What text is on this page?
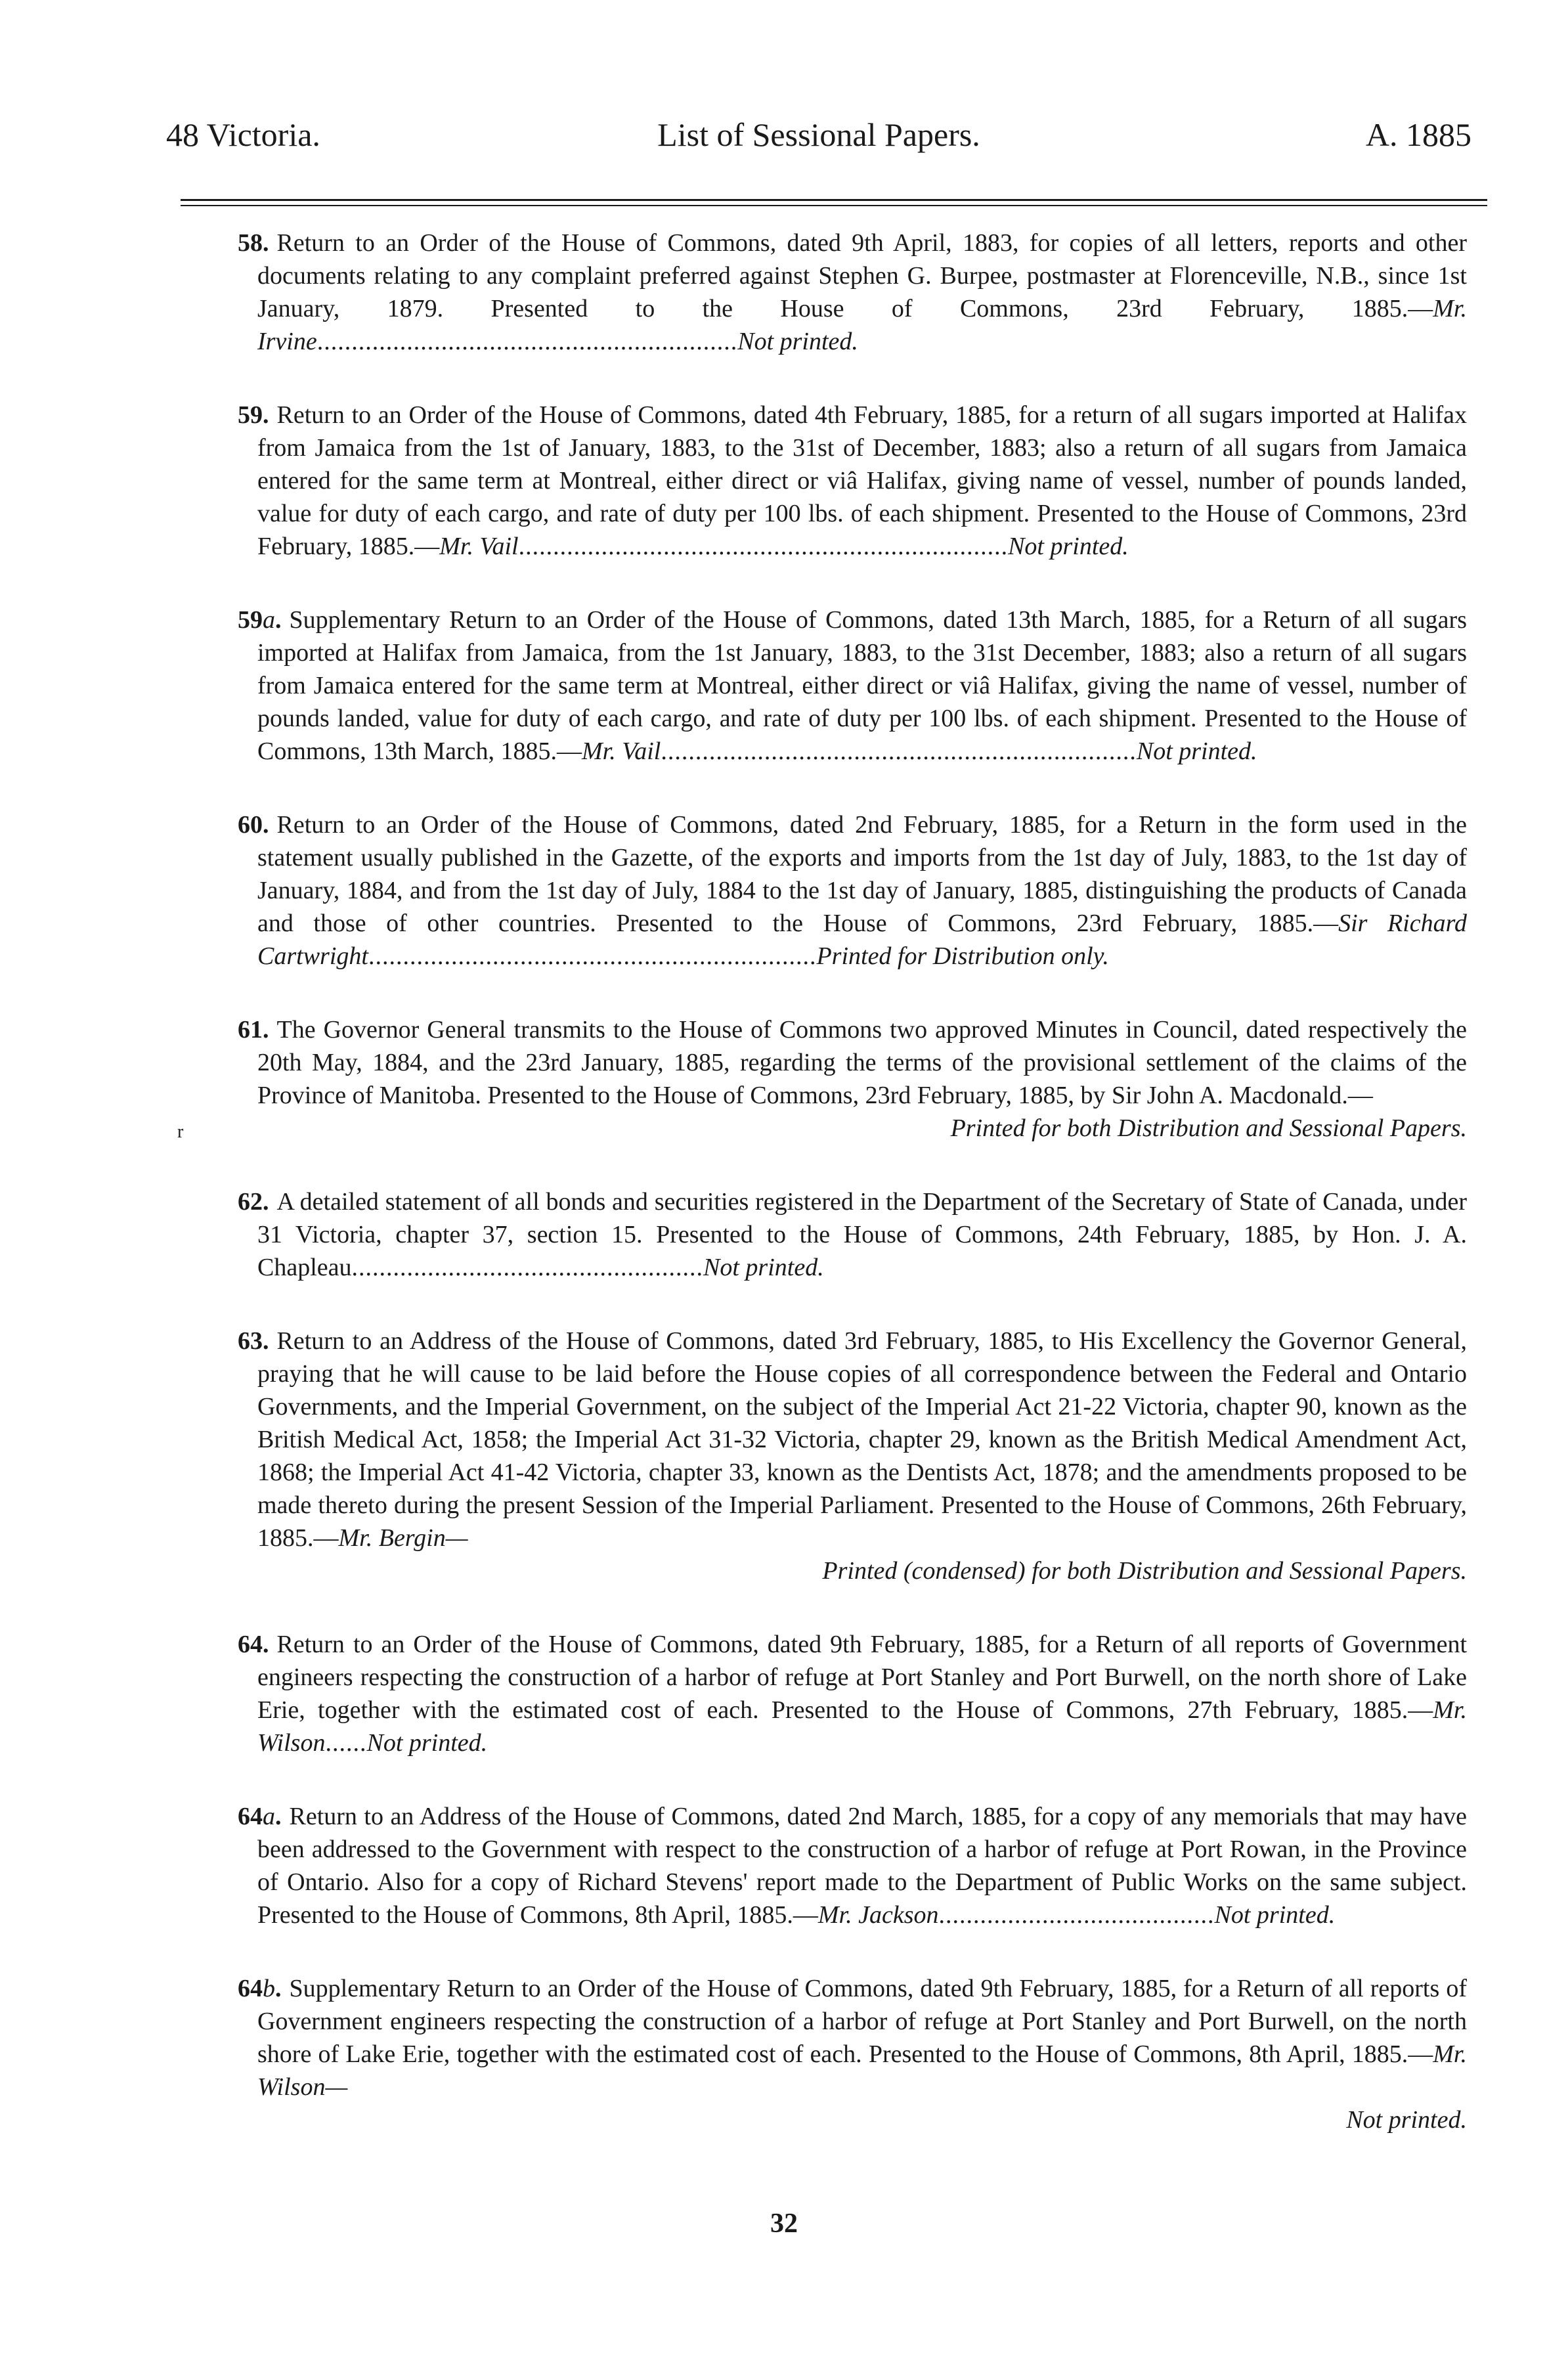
48 Victoria.	List of Sessional Papers.	A. 1885
r
58. Return to an Order of the House of Commons, dated 9th April, 1883, for copies of all letters, reports and other documents relating to any complaint preferred against Stephen G. Burpee, postmaster at Florenceville, N.B., since 1st January, 1879. Presented to the House of Commons, 23rd February, 1885.—Mr. Irvine.............................................................Not printed.
59. Return to an Order of the House of Commons, dated 4th February, 1885, for a return of all sugars imported at Halifax from Jamaica from the 1st of January, 1883, to the 31st of December, 1883; also a return of all sugars from Jamaica entered for the same term at Montreal, either direct or viâ Halifax, giving name of vessel, number of pounds landed, value for duty of each cargo, and rate of duty per 100 lbs. of each shipment. Presented to the House of Commons, 23rd February, 1885.—Mr. Vail.......................................................................Not printed.
59a. Supplementary Return to an Order of the House of Commons, dated 13th March, 1885, for a Return of all sugars imported at Halifax from Jamaica, from the 1st January, 1883, to the 31st December, 1883; also a return of all sugars from Jamaica entered for the same term at Montreal, either direct or viâ Halifax, giving the name of vessel, number of pounds landed, value for duty of each cargo, and rate of duty per 100 lbs. of each shipment. Presented to the House of Commons, 13th March, 1885.—Mr. Vail.....................................................................Not printed.
60. Return to an Order of the House of Commons, dated 2nd February, 1885, for a Return in the form used in the statement usually published in the Gazette, of the exports and imports from the 1st day of July, 1883, to the 1st day of January, 1884, and from the 1st day of July, 1884 to the 1st day of January, 1885, distinguishing the products of Canada and those of other countries. Presented to the House of Commons, 23rd February, 1885.—Sir Richard Cartwright.................................................................Printed for Distribution only.
61. The Governor General transmits to the House of Commons two approved Minutes in Council, dated respectively the 20th May, 1884, and the 23rd January, 1885, regarding the terms of the provisional settlement of the claims of the Province of Manitoba. Presented to the House of Commons, 23rd February, 1885, by Sir John A. Macdonald.—
Printed for both Distribution and Sessional Papers.
62. A detailed statement of all bonds and securities registered in the Department of the Secretary of State of Canada, under 31 Victoria, chapter 37, section 15. Presented to the House of Commons, 24th February, 1885, by Hon. J. A. Chapleau...................................................Not printed.
63. Return to an Address of the House of Commons, dated 3rd February, 1885, to His Excellency the Governor General, praying that he will cause to be laid before the House copies of all correspondence between the Federal and Ontario Governments, and the Imperial Government, on the subject of the Imperial Act 21-22 Victoria, chapter 90, known as the British Medical Act, 1858; the Imperial Act 31-32 Victoria, chapter 29, known as the British Medical Amendment Act, 1868; the Imperial Act 41-42 Victoria, chapter 33, known as the Dentists Act, 1878; and the amendments proposed to be made thereto during the present Session of the Imperial Parliament. Presented to the House of Commons, 26th February, 1885.—Mr. Bergin—
Printed (condensed) for both Distribution and Sessional Papers.
64. Return to an Order of the House of Commons, dated 9th February, 1885, for a Return of all reports of Government engineers respecting the construction of a harbor of refuge at Port Stanley and Port Burwell, on the north shore of Lake Erie, together with the estimated cost of each. Presented to the House of Commons, 27th February, 1885.—Mr. Wilson......Not printed.
64a. Return to an Address of the House of Commons, dated 2nd March, 1885, for a copy of any memorials that may have been addressed to the Government with respect to the construction of a harbor of refuge at Port Rowan, in the Province of Ontario. Also for a copy of Richard Stevens' report made to the Department of Public Works on the same subject. Presented to the House of Commons, 8th April, 1885.—Mr. Jackson........................................Not printed.
64b. Supplementary Return to an Order of the House of Commons, dated 9th February, 1885, for a Return of all reports of Government engineers respecting the construction of a harbor of refuge at Port Stanley and Port Burwell, on the north shore of Lake Erie, together with the estimated cost of each. Presented to the House of Commons, 8th April, 1885.—Mr. Wilson—
Not printed.
32
